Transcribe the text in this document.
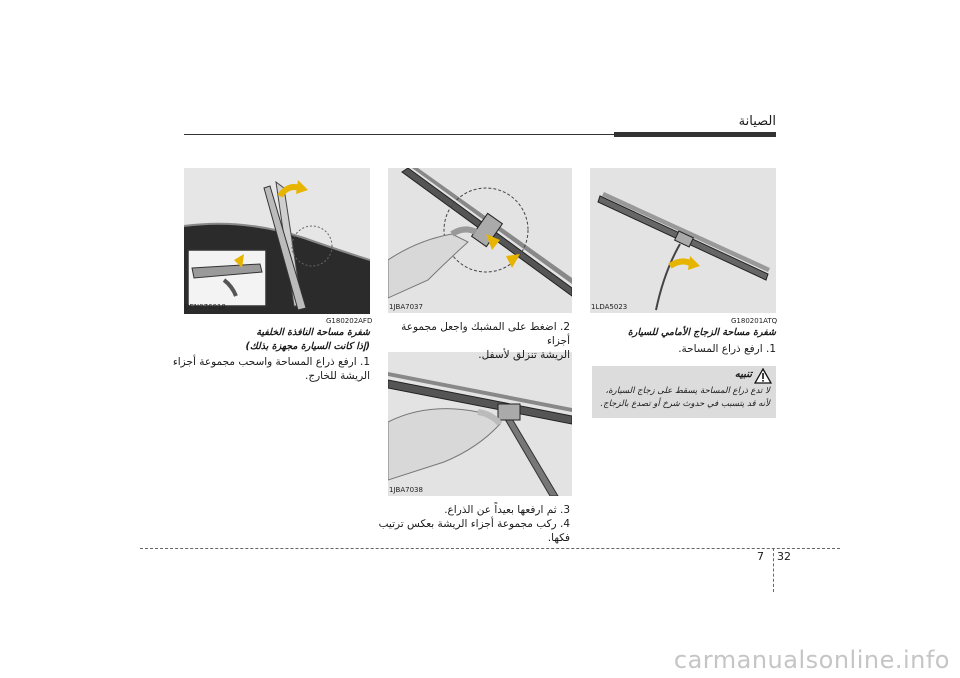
الصيانة
OEN076018	1JBA7037
1JBA7038
1LDA5023
G180201ATQ
شفرة مساحة الزجاج الأمامي للسيارة
1. ارفع ذراع المساحة.
تنبيه
لا تدع ذراع المساحة يسقط على زجاج السيارة،
لأنه قد يتسبب في حدوث شرخ أو تصدع بالزجاج.
2. اضغط على المشبك واجعل مجموعة أجزاء
الريشة تنزلق لأسفل.
3. ثم ارفعها بعيداً عن الذراع.
4. ركب مجموعة أجزاء الريشة بعكس ترتيب فكها.
G180202AFD
شفرة مساحة النافذة الخلفية
(إذا كانت السيارة مجهزة بذلك)
1. ارفع ذراع المساحة واسحب مجموعة أجزاء
الريشة للخارج.
7 32
carmanualsonline.info
